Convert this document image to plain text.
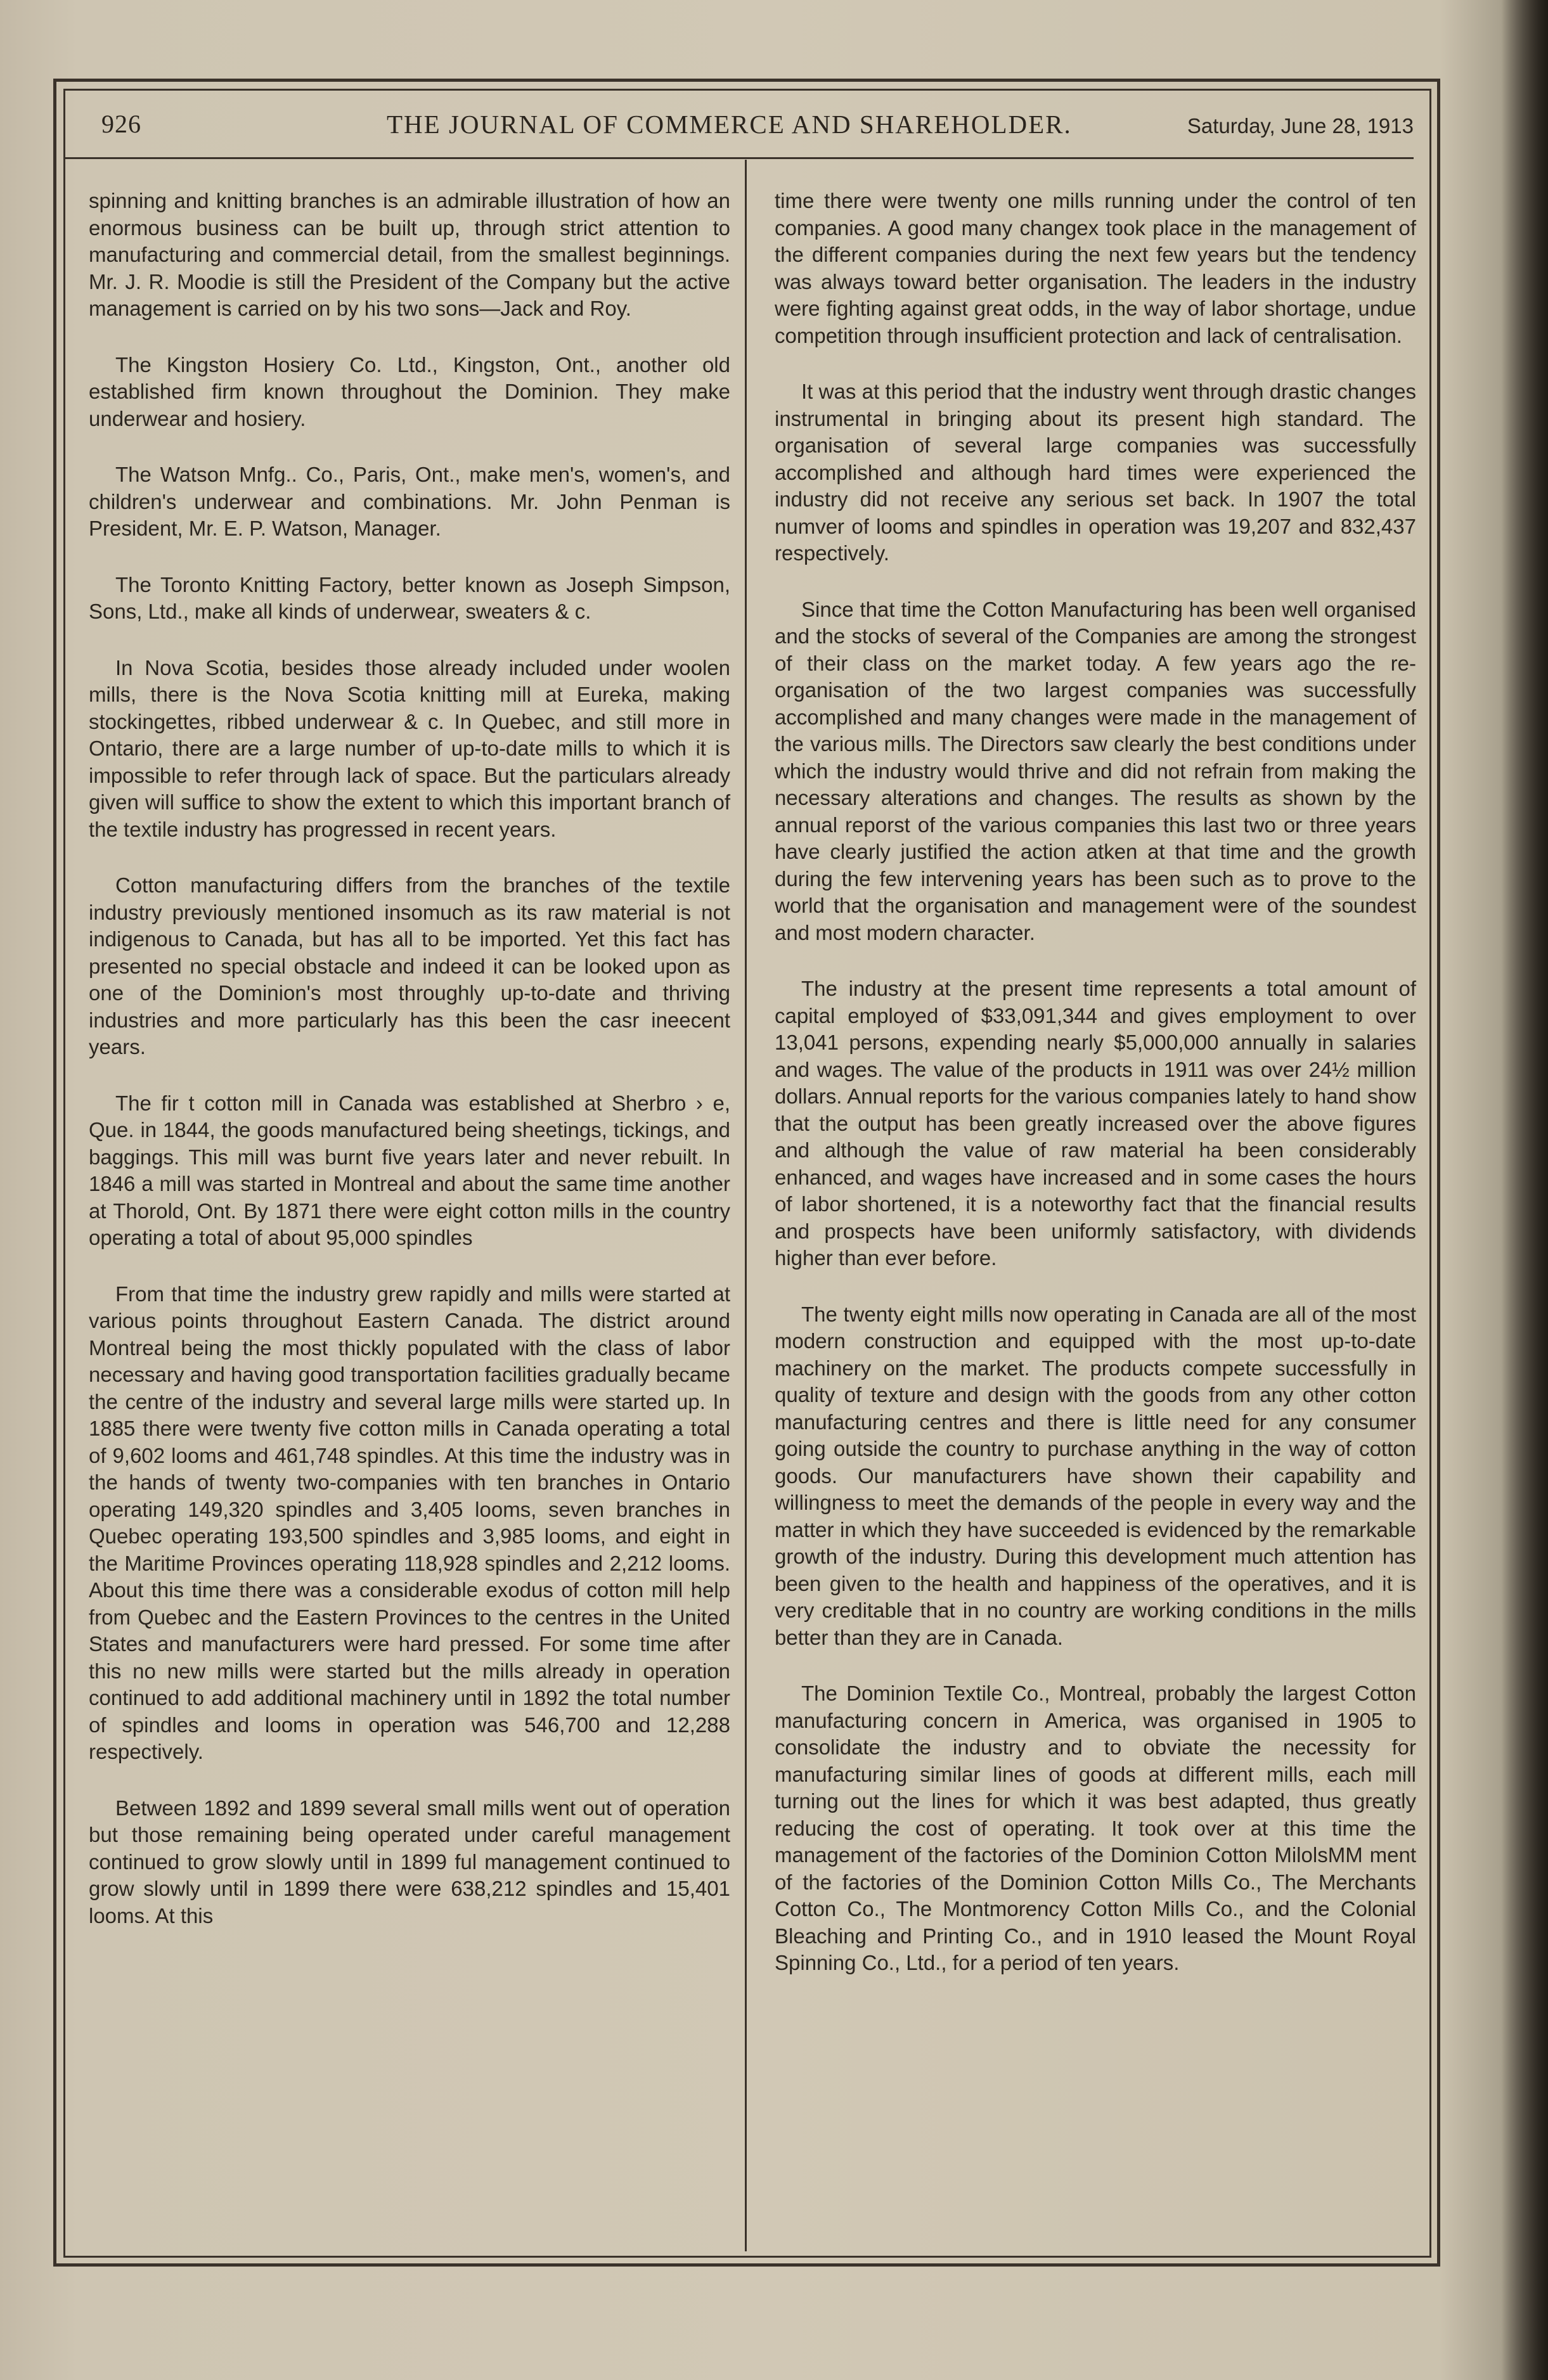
926	THE JOURNAL OF COMMERCE AND SHAREHOLDER.	Saturday, June 28, 1913

spinning and knitting branches is an admirable illustration of how an enormous business can be built up, through strict attention to manufacturing and commercial detail, from the smallest beginnings. Mr. J. R. Moodie is still the President of the Company but the active management is carried on by his two sons—Jack and Roy.

The Kingston Hosiery Co. Ltd., Kingston, Ont., another old established firm known throughout the Dominion. They make underwear and hosiery.

The Watson Mnfg.. Co., Paris, Ont., make men's, women's, and children's underwear and combinations. Mr. John Penman is President, Mr. E. P. Watson, Manager.

The Toronto Knitting Factory, better known as Joseph Simpson, Sons, Ltd., make all kinds of underwear, sweaters & c.

In Nova Scotia, besides those already included under woolen mills, there is the Nova Scotia knitting mill at Eureka, making stockingettes, ribbed underwear & c. In Quebec, and still more in Ontario, there are a large number of up-to-date mills to which it is impossible to refer through lack of space. But the particulars already given will suffice to show the extent to which this important branch of the textile industry has progressed in recent years.

Cotton manufacturing differs from the branches of the textile industry previously mentioned insomuch as its raw material is not indigenous to Canada, but has all to be imported. Yet this fact has presented no special obstacle and indeed it can be looked upon as one of the Dominion's most throughly up-to-date and thriving industries and more particularly has this been the casr ineecent years.

The fir t cotton mill in Canada was established at Sherbro › e, Que. in 1844, the goods manufactured being sheetings, tickings, and baggings. This mill was burnt five years later and never rebuilt. In 1846 a mill was started in Montreal and about the same time another at Thorold, Ont. By 1871 there were eight cotton mills in the country operating a total of about 95,000 spindles

From that time the industry grew rapidly and mills were started at various points throughout Eastern Canada. The district around Montreal being the most thickly populated with the class of labor necessary and having good transportation facilities gradually became the centre of the industry and several large mills were started up. In 1885 there were twenty five cotton mills in Canada operating a total of 9,602 looms and 461,748 spindles. At this time the industry was in the hands of twenty two-companies with ten branches in Ontario operating 149,320 spindles and 3,405 looms, seven branches in Quebec operating 193,500 spindles and 3,985 looms, and eight in the Maritime Provinces operating 118,928 spindles and 2,212 looms. About this time there was a considerable exodus of cotton mill help from Quebec and the Eastern Provinces to the centres in the United States and manufacturers were hard pressed. For some time after this no new mills were started but the mills already in operation continued to add additional machinery until in 1892 the total number of spindles and looms in operation was 546,700 and 12,288 respectively.

Between 1892 and 1899 several small mills went out of operation but those remaining being operated under careful management continued to grow slowly until in 1899 ful management continued to grow slowly until in 1899 there were 638,212 spindles and 15,401 looms. At this

time there were twenty one mills running under the control of ten companies. A good many changex took place in the management of the different companies during the next few years but the tendency was always toward better organisation. The leaders in the industry were fighting against great odds, in the way of labor shortage, undue competition through insufficient protection and lack of centralisation.

It was at this period that the industry went through drastic changes instrumental in bringing about its present high standard. The organisation of several large companies was successfully accomplished and although hard times were experienced the industry did not receive any serious set back. In 1907 the total numver of looms and spindles in operation was 19,207 and 832,437 respectively.

Since that time the Cotton Manufacturing has been well organised and the stocks of several of the Companies are among the strongest of their class on the market today. A few years ago the re-organisation of the two largest companies was successfully accomplished and many changes were made in the management of the various mills. The Directors saw clearly the best conditions under which the industry would thrive and did not refrain from making the necessary alterations and changes. The results as shown by the annual reporst of the various companies this last two or three years have clearly justified the action atken at that time and the growth during the few intervening years has been such as to prove to the world that the organisation and management were of the soundest and most modern character.

The industry at the present time represents a total amount of capital employed of $33,091,344 and gives employment to over 13,041 persons, expending nearly $5,000,000 annually in salaries and wages. The value of the products in 1911 was over 24½ million dollars. Annual reports for the various companies lately to hand show that the output has been greatly increased over the above figures and although the value of raw material ha been considerably enhanced, and wages have increased and in some cases the hours of labor shortened, it is a noteworthy fact that the financial results and prospects have been uniformly satisfactory, with dividends higher than ever before.

The twenty eight mills now operating in Canada are all of the most modern construction and equipped with the most up-to-date machinery on the market. The products compete successfully in quality of texture and design with the goods from any other cotton manufacturing centres and there is little need for any consumer going outside the country to purchase anything in the way of cotton goods. Our manufacturers have shown their capability and willingness to meet the demands of the people in every way and the matter in which they have succeeded is evidenced by the remarkable growth of the industry. During this development much attention has been given to the health and happiness of the operatives, and it is very creditable that in no country are working conditions in the mills better than they are in Canada.

The Dominion Textile Co., Montreal, probably the largest Cotton manufacturing concern in America, was organised in 1905 to consolidate the industry and to obviate the necessity for manufacturing similar lines of goods at different mills, each mill turning out the lines for which it was best adapted, thus greatly reducing the cost of operating. It took over at this time the management of the factories of the Dominion Cotton MilolsMM ment of the factories of the Dominion Cotton Mills Co., The Merchants Cotton Co., The Montmorency Cotton Mills Co., and the Colonial Bleaching and Printing Co., and in 1910 leased the Mount Royal Spinning Co., Ltd., for a period of ten years.
